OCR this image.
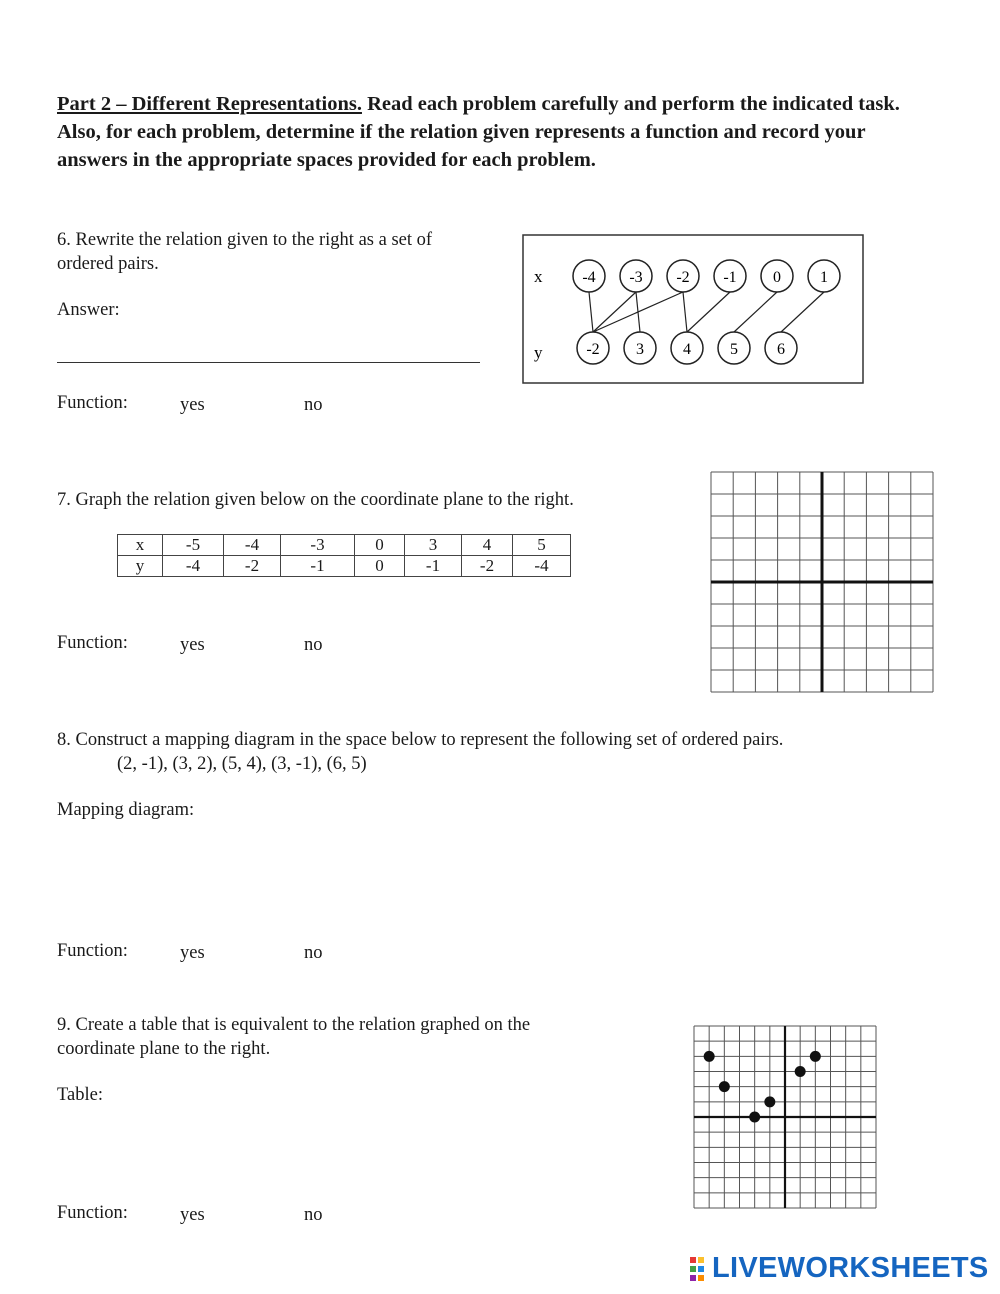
Part 2 – Different Representations. Read each problem carefully and perform the indicated task. Also, for each problem, determine if the relation given represents a function and record your answers in the appropriate spaces provided for each problem.
6. Rewrite the relation given to the right as a set of
ordered pairs.
Answer:
x
y
-4 -3 -2 -1 0 1
-2 3 4 5 6
Function:	yes	no
7. Graph the relation given below on the coordinate plane to the right.
x	-5	-4	-3	0	3	4	5
y	-4	-2	-1	0	-1	-2	-4
Function:	yes	no
8. Construct a mapping diagram in the space below to represent the following set of ordered pairs.
(2, -1), (3, 2), (5, 4), (3, -1), (6, 5)
Mapping diagram:
Function:	yes	no
9. Create a table that is equivalent to the relation graphed on the
coordinate plane to the right.
Table:
Function:	yes	no
LIVEWORKSHEETS
